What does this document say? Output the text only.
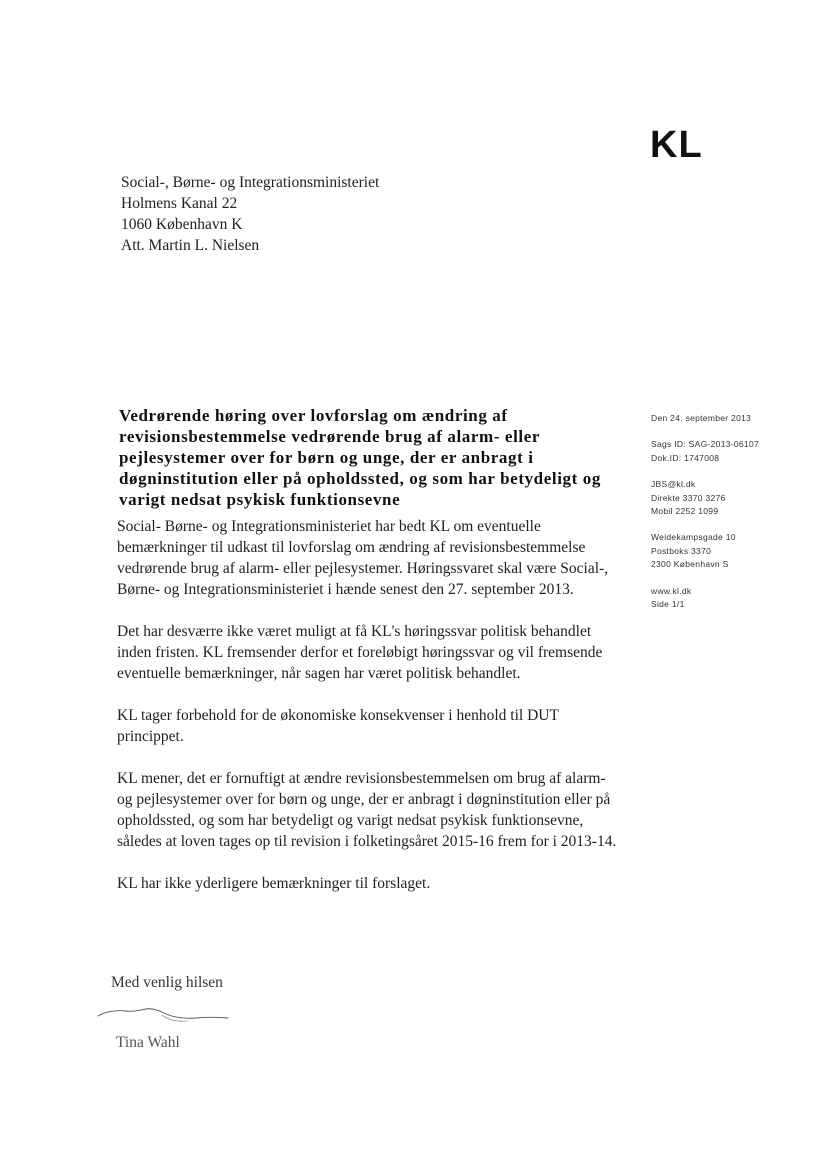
KL
Social-, Børne- og Integrationsministeriet
Holmens Kanal 22
1060 København K
Att. Martin L. Nielsen
Vedrørende høring over lovforslag om ændring af revisionsbestemmelse vedrørende brug af alarm- eller pejlesystemer over for børn og unge, der er anbragt i døgninstitution eller på opholdssted, og som har betydeligt og varigt nedsat psykisk funktionsevne

Social- Børne- og Integrationsministeriet har bedt KL om eventuelle bemærkninger til udkast til lovforslag om ændring af revisionsbestemmelse vedrørende brug af alarm- eller pejlesystemer. Høringssvaret skal være Social-, Børne- og Integrationsministeriet i hænde senest den 27. september 2013.

Det har desværre ikke været muligt at få KL's høringssvar politisk behandlet inden fristen. KL fremsender derfor et foreløbigt høringssvar og vil fremsende eventuelle bemærkninger, når sagen har været politisk behandlet.

KL tager forbehold for de økonomiske konsekvenser i henhold til DUT princippet.

KL mener, det er fornuftigt at ændre revisionsbestemmelsen om brug af alarm- og pejlesystemer over for børn og unge, der er anbragt i døgninstitution eller på opholdssted, og som har betydeligt og varigt nedsat psykisk funktionsevne, således at loven tages op til revision i folketingsåret 2015-16 frem for i 2013-14.

KL har ikke yderligere bemærkninger til forslaget.

Den 24. september 2013
Sags ID: SAG-2013-06107
Dok.ID: 1747008
JBS@kl.dk
Direkte 3370 3276
Mobil 2252 1099
Weidekampsgade 10
Postboks 3370
2300 København S
www.kl.dk
Side 1/1
Med venlig hilsen
Tina Wahl
